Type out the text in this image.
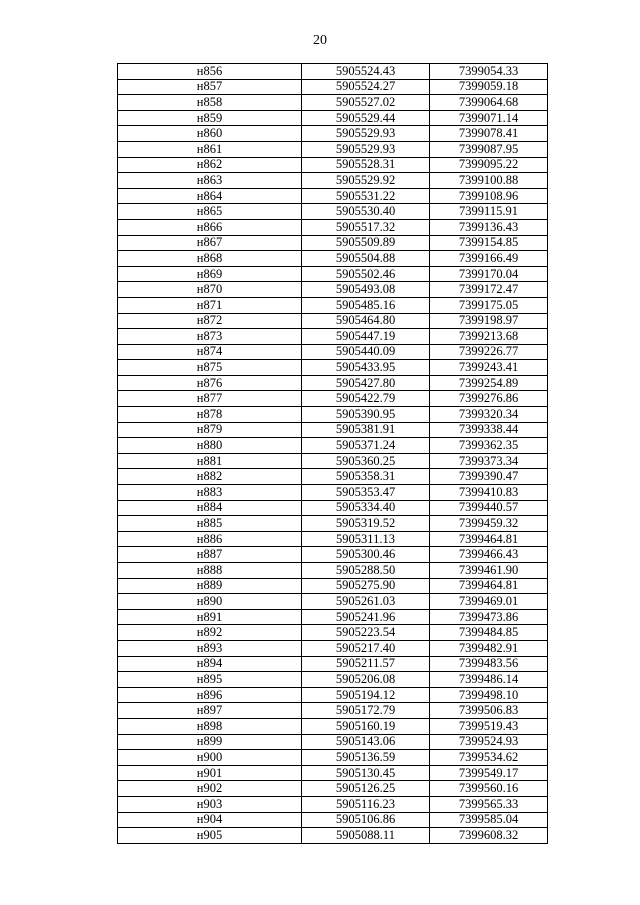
20
н856	5905524.43	7399054.33
н857	5905524.27	7399059.18
н858	5905527.02	7399064.68
н859	5905529.44	7399071.14
н860	5905529.93	7399078.41
н861	5905529.93	7399087.95
н862	5905528.31	7399095.22
н863	5905529.92	7399100.88
н864	5905531.22	7399108.96
н865	5905530.40	7399115.91
н866	5905517.32	7399136.43
н867	5905509.89	7399154.85
н868	5905504.88	7399166.49
н869	5905502.46	7399170.04
н870	5905493.08	7399172.47
н871	5905485.16	7399175.05
н872	5905464.80	7399198.97
н873	5905447.19	7399213.68
н874	5905440.09	7399226.77
н875	5905433.95	7399243.41
н876	5905427.80	7399254.89
н877	5905422.79	7399276.86
н878	5905390.95	7399320.34
н879	5905381.91	7399338.44
н880	5905371.24	7399362.35
н881	5905360.25	7399373.34
н882	5905358.31	7399390.47
н883	5905353.47	7399410.83
н884	5905334.40	7399440.57
н885	5905319.52	7399459.32
н886	5905311.13	7399464.81
н887	5905300.46	7399466.43
н888	5905288.50	7399461.90
н889	5905275.90	7399464.81
н890	5905261.03	7399469.01
н891	5905241.96	7399473.86
н892	5905223.54	7399484.85
н893	5905217.40	7399482.91
н894	5905211.57	7399483.56
н895	5905206.08	7399486.14
н896	5905194.12	7399498.10
н897	5905172.79	7399506.83
н898	5905160.19	7399519.43
н899	5905143.06	7399524.93
н900	5905136.59	7399534.62
н901	5905130.45	7399549.17
н902	5905126.25	7399560.16
н903	5905116.23	7399565.33
н904	5905106.86	7399585.04
н905	5905088.11	7399608.32
